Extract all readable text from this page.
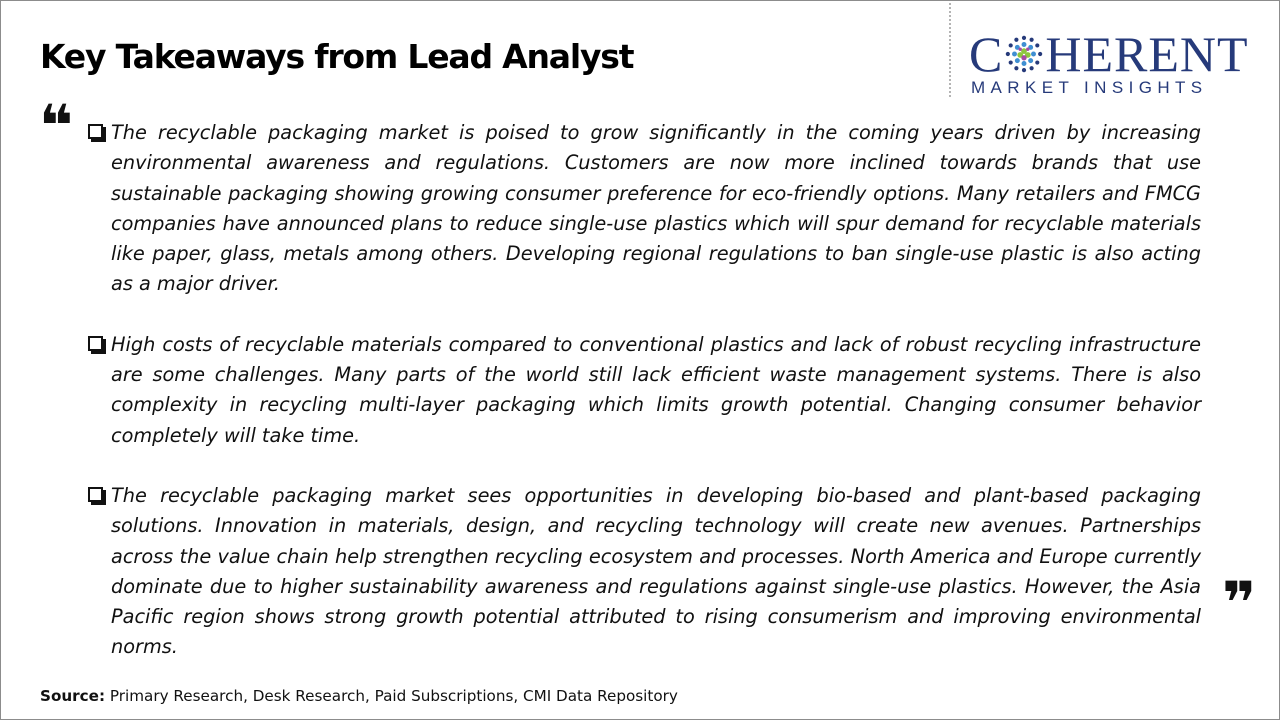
Key Takeaways from Lead Analyst	C HERENT
MARKET INSIGHTS
❝
❞

The recyclable packaging market is poised to grow significantly in the coming years driven by increasing environmental awareness and regulations. Customers are now more inclined towards brands that use sustainable packaging showing growing consumer preference for eco-friendly options. Many retailers and FMCG companies have announced plans to reduce single-use plastics which will spur demand for recyclable materials like paper, glass, metals among others. Developing regional regulations to ban single-use plastic is also acting as a major driver.

High costs of recyclable materials compared to conventional plastics and lack of robust recycling infrastructure are some challenges. Many parts of the world still lack efficient waste management systems. There is also complexity in recycling multi-layer packaging which limits growth potential. Changing consumer behavior completely will take time.

The recyclable packaging market sees opportunities in developing bio-based and plant-based packaging solutions. Innovation in materials, design, and recycling technology will create new avenues. Partnerships across the value chain help strengthen recycling ecosystem and processes. North America and Europe currently dominate due to higher sustainability awareness and regulations against single-use plastics. However, the Asia Pacific region shows strong growth potential attributed to rising consumerism and improving environmental norms.

Source: Primary Research, Desk Research, Paid Subscriptions, CMI Data Repository
